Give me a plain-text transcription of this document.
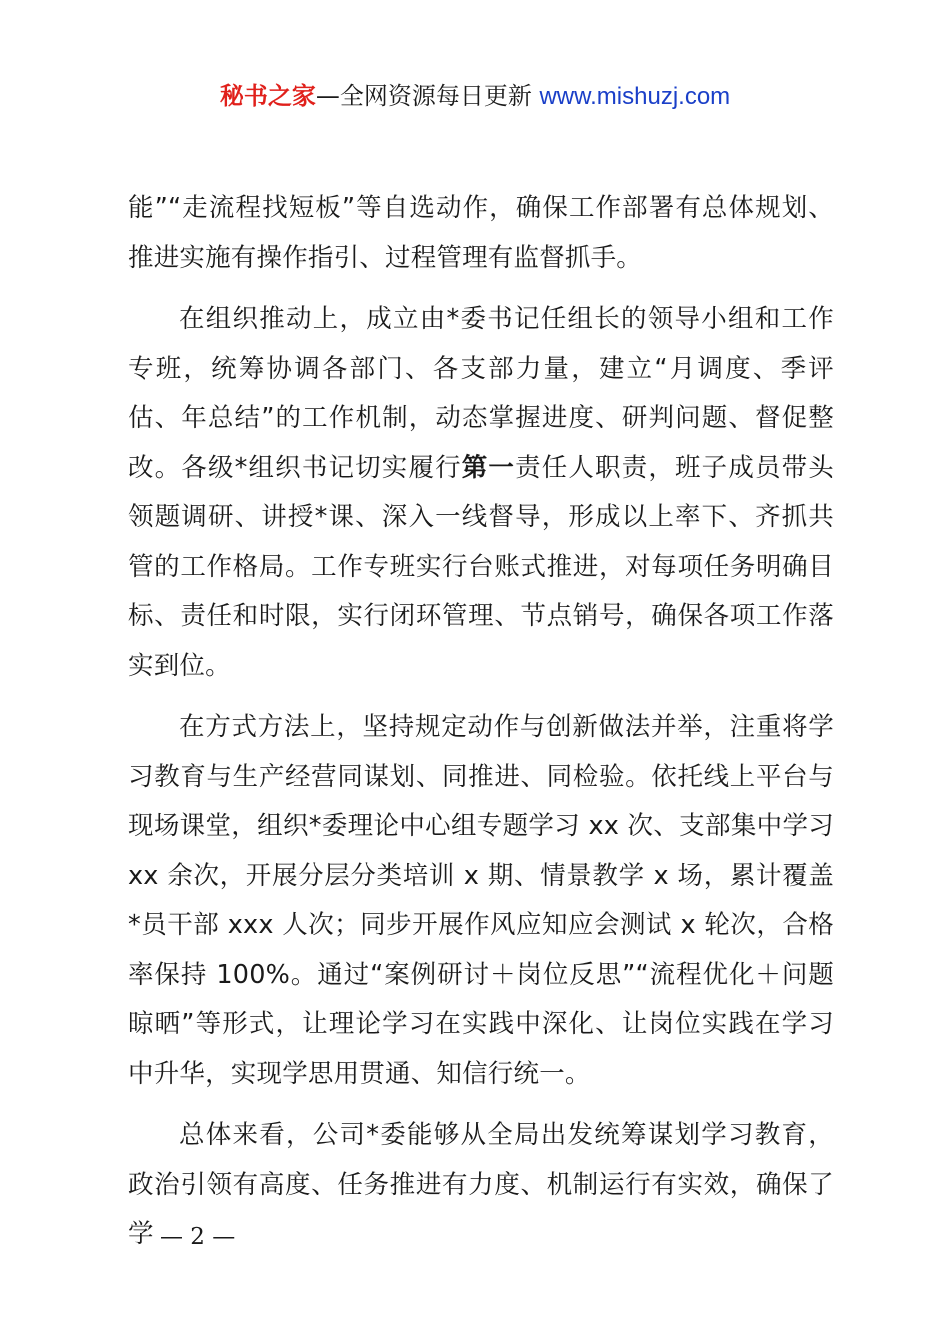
秘书之家—全网资源每日更新 www.mishuzj.com

能”“走流程找短板”等自选动作，确保工作部署有总体规划、推进实施有操作指引、过程管理有监督抓手。

在组织推动上，成立由*委书记任组长的领导小组和工作专班，统筹协调各部门、各支部力量，建立“月调度、季评估、年总结”的工作机制，动态掌握进度、研判问题、督促整改。各级*组织书记切实履行第一责任人职责，班子成员带头领题调研、讲授*课、深入一线督导，形成以上率下、齐抓共管的工作格局。工作专班实行台账式推进，对每项任务明确目标、责任和时限，实行闭环管理、节点销号，确保各项工作落实到位。

在方式方法上，坚持规定动作与创新做法并举，注重将学习教育与生产经营同谋划、同推进、同检验。依托线上平台与现场课堂，组织*委理论中心组专题学习 xx 次、支部集中学习 xx 余次，开展分层分类培训 x 期、情景教学 x 场，累计覆盖*员干部 xxx 人次；同步开展作风应知应会测试 x 轮次，合格率保持 100%。通过“案例研讨＋岗位反思”“流程优化＋问题晾晒”等形式，让理论学习在实践中深化、让岗位实践在学习中升华，实现学思用贯通、知信行统一。

总体来看，公司*委能够从全局出发统筹谋划学习教育，政治引领有高度、任务推进有力度、机制运行有实效，确保了学 — 2 —
